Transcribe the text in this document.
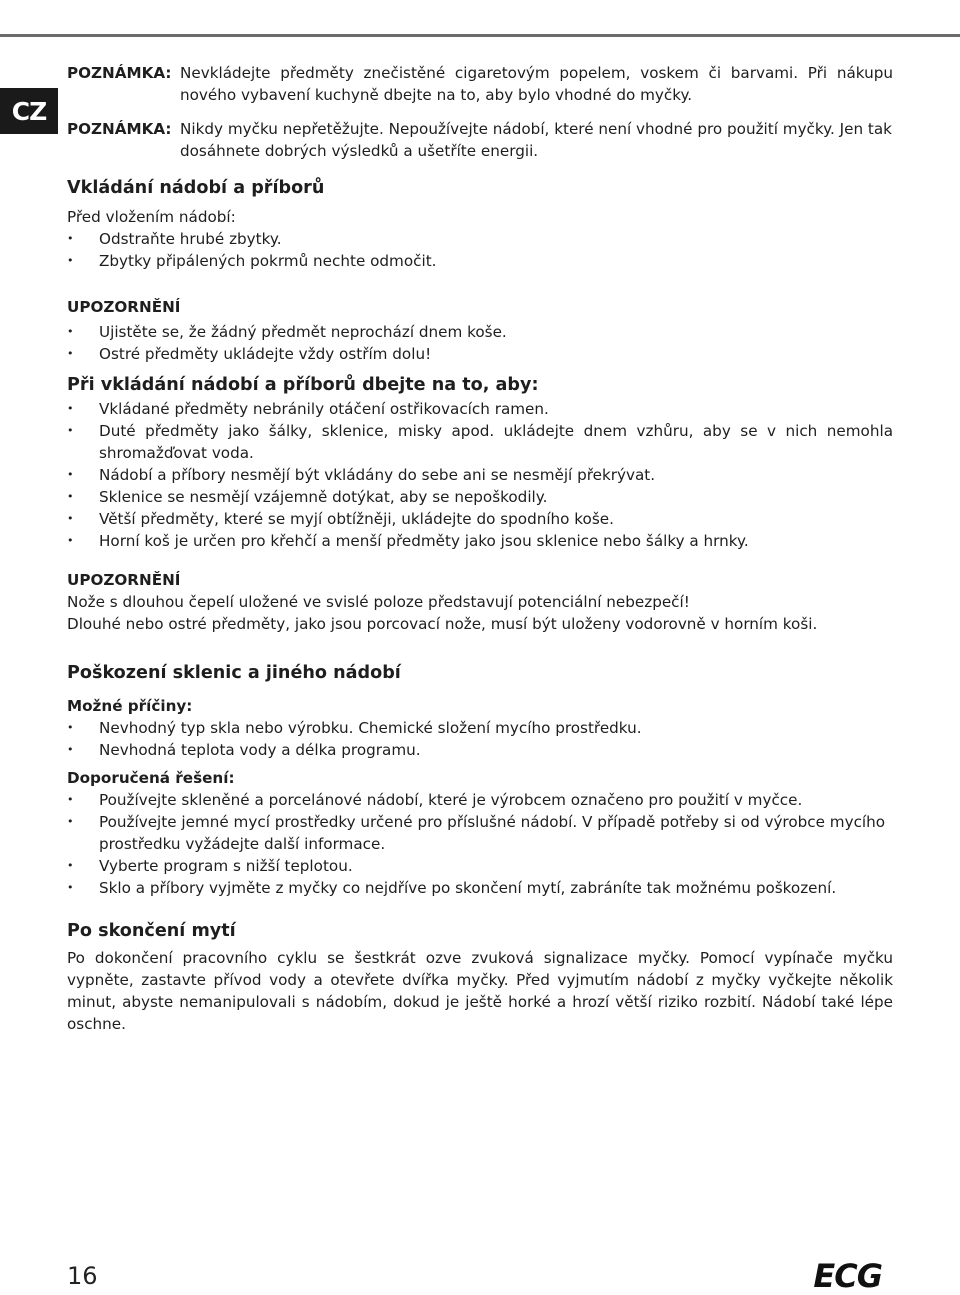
CZ
POZNÁMKA: Nevkládejte předměty znečistěné cigaretovým popelem, voskem či barvami. Při nákupu nového vybavení kuchyně dbejte na to, aby bylo vhodné do myčky.
POZNÁMKA: Nikdy myčku nepřetěžujte. Nepoužívejte nádobí, které není vhodné pro použití myčky. Jen tak dosáhnete dobrých výsledků a ušetříte energii.
Vkládání nádobí a příborů

Před vložením nádobí:

• Odstraňte hrubé zbytky.
• Zbytky připálených pokrmů nechte odmočit.
UPOZORNĚNÍ
• Ujistěte se, že žádný předmět neprochází dnem koše.
• Ostré předměty ukládejte vždy ostřím dolu!
Při vkládání nádobí a příborů dbejte na to, aby:
• Vkládané předměty nebránily otáčení ostřikovacích ramen.
• Duté předměty jako šálky, sklenice, misky apod. ukládejte dnem vzhůru, aby se v nich nemohla shromažďovat voda.
• Nádobí a příbory nesmějí být vkládány do sebe ani se nesmějí překrývat.
• Sklenice se nesmějí vzájemně dotýkat, aby se nepoškodily.
• Větší předměty, které se myjí obtížněji, ukládejte do spodního koše.
• Horní koš je určen pro křehčí a menší předměty jako jsou sklenice nebo šálky a hrnky.
UPOZORNĚNÍ

Nože s dlouhou čepelí uložené ve svislé poloze představují potenciální nebezpečí!

Dlouhé nebo ostré předměty, jako jsou porcovací nože, musí být uloženy vodorovně v horním koši.

Poškození sklenic a jiného nádobí
Možné příčiny:
• Nevhodný typ skla nebo výrobku. Chemické složení mycího prostředku.
• Nevhodná teplota vody a délka programu.
Doporučená řešení:
• Používejte skleněné a porcelánové nádobí, které je výrobcem označeno pro použití v myčce.
• Používejte jemné mycí prostředky určené pro příslušné nádobí. V případě potřeby si od výrobce mycího prostředku vyžádejte další informace.
• Vyberte program s nižší teplotou.
• Sklo a příbory vyjměte z myčky co nejdříve po skončení mytí, zabráníte tak možnému poškození.
Po skončení mytí

Po dokončení pracovního cyklu se šestkrát ozve zvuková signalizace myčky. Pomocí vypínače myčku vypněte, zastavte přívod vody a otevřete dvířka myčky. Před vyjmutím nádobí z myčky vyčkejte několik minut, abyste nemanipulovali s nádobím, dokud je ještě horké a hrozí větší riziko rozbití. Nádobí také lépe oschne.

16	ECG
